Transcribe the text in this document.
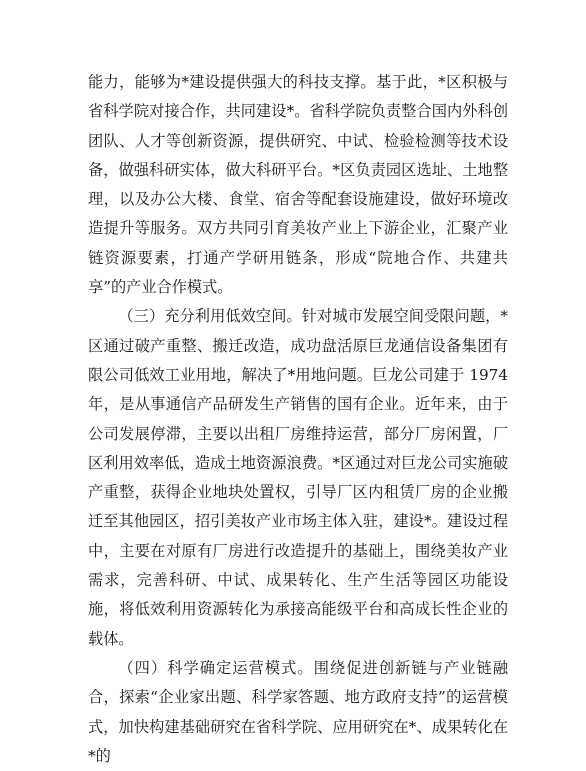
能力，能够为*建设提供强大的科技支撑。基于此，*区积极与省科学院对接合作，共同建设*。省科学院负责整合国内外科创团队、人才等创新资源，提供研究、中试、检验检测等技术设备，做强科研实体，做大科研平台。*区负责园区选址、土地整理，以及办公大楼、食堂、宿舍等配套设施建设，做好环境改造提升等服务。双方共同引育美妆产业上下游企业，汇聚产业链资源要素，打通产学研用链条，形成“院地合作、共建共享”的产业合作模式。

（三）充分利用低效空间。针对城市发展空间受限问题，*区通过破产重整、搬迁改造，成功盘活原巨龙通信设备集团有限公司低效工业用地，解决了*用地问题。巨龙公司建于 1974 年，是从事通信产品研发生产销售的国有企业。近年来，由于公司发展停滞，主要以出租厂房维持运营，部分厂房闲置，厂区利用效率低，造成土地资源浪费。*区通过对巨龙公司实施破产重整，获得企业地块处置权，引导厂区内租赁厂房的企业搬迁至其他园区，招引美妆产业市场主体入驻，建设*。建设过程中，主要在对原有厂房进行改造提升的基础上，围绕美妆产业需求，完善科研、中试、成果转化、生产生活等园区功能设施，将低效利用资源转化为承接高能级平台和高成长性企业的载体。

（四）科学确定运营模式。围绕促进创新链与产业链融合，探索“企业家出题、科学家答题、地方政府支持”的运营模式，加快构建基础研究在省科学院、应用研究在*、成果转化在*的
